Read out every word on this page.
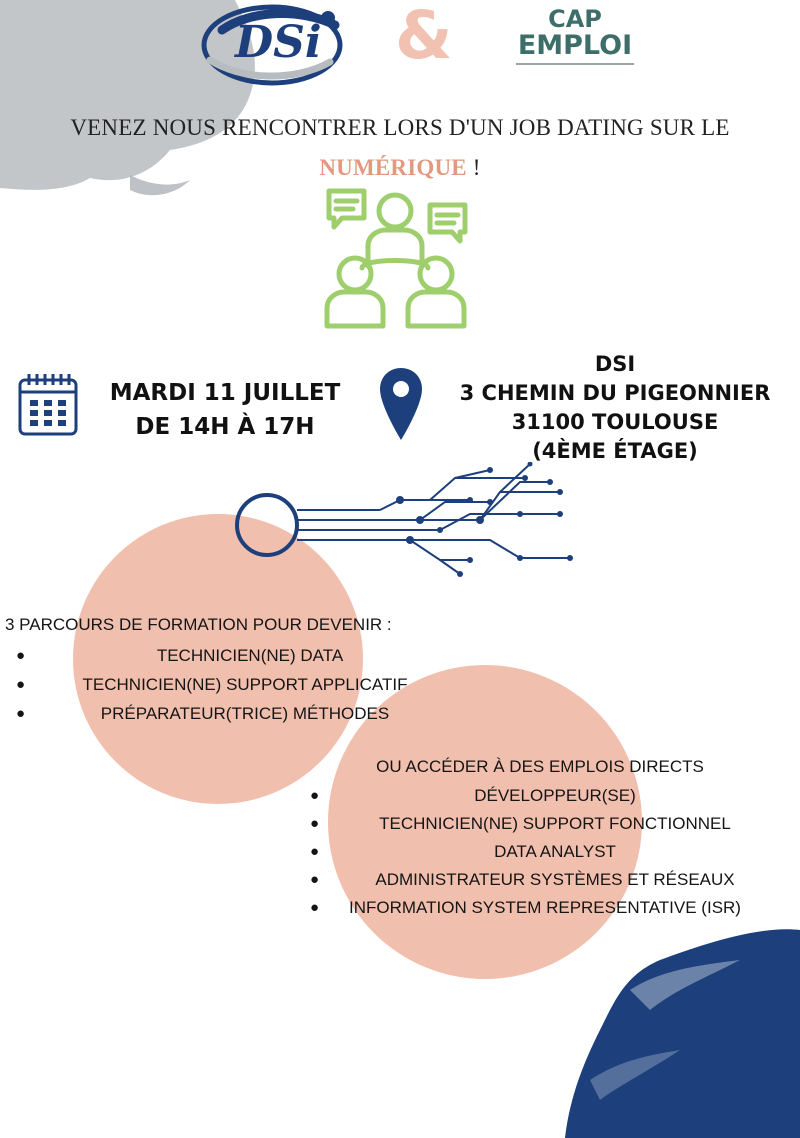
DSi &	CAP
EMPLOI
VENEZ NOUS RENCONTRER LORS D'UN JOB DATING SUR LE
NUMÉRIQUE !
MARDI 11 JUILLET
DE 14H À 17H
DSI
3 CHEMIN DU PIGEONNIER
31100 TOULOUSE
(4ÈME ÉTAGE)
3 PARCOURS DE FORMATION POUR DEVENIR :
●	TECHNICIEN(NE) DATA
●	TECHNICIEN(NE) SUPPORT APPLICATIF
●	PRÉPARATEUR(TRICE) MÉTHODES
OU ACCÉDER À DES EMPLOIS DIRECTS
●	DÉVELOPPEUR(SE)
●	TECHNICIEN(NE) SUPPORT FONCTIONNEL
●	DATA ANALYST
●	ADMINISTRATEUR SYSTÈMES ET RÉSEAUX
●	INFORMATION SYSTEM REPRESENTATIVE (ISR)
